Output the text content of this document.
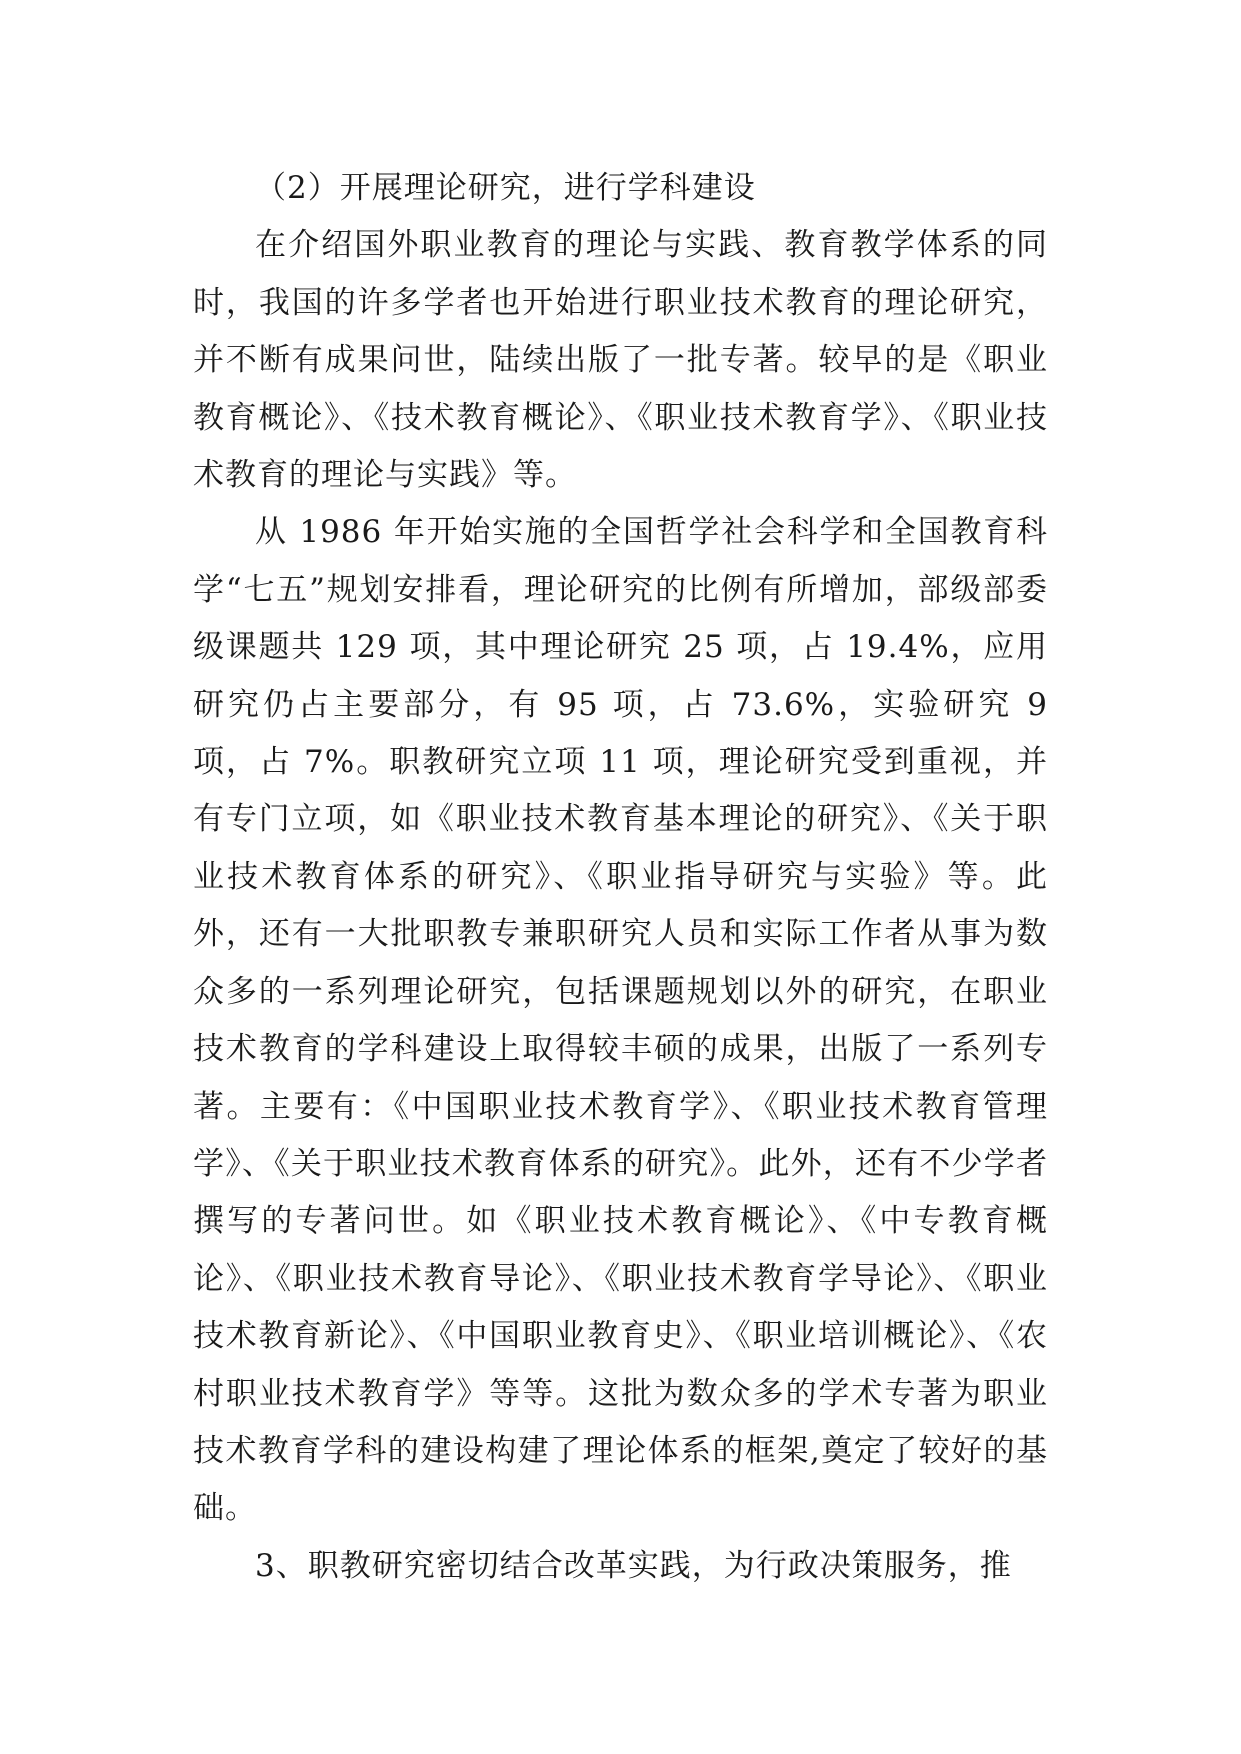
（2）开展理论研究，进行学科建设

在介绍国外职业教育的理论与实践、教育教学体系的同时，我国的许多学者也开始进行职业技术教育的理论研究，并不断有成果问世，陆续出版了一批专著。较早的是《职业教育概论》、《技术教育概论》、《职业技术教育学》、《职业技术教育的理论与实践》等。

从 1986 年开始实施的全国哲学社会科学和全国教育科学“七五”规划安排看，理论研究的比例有所增加，部级部委级课题共 129 项，其中理论研究 25 项，占 19.4%，应用研究仍占主要部分，有 95 项，占 73.6%，实验研究 9 项，占 7%。职教研究立项 11 项，理论研究受到重视，并有专门立项，如《职业技术教育基本理论的研究》、《关于职业技术教育体系的研究》、《职业指导研究与实验》等。此外，还有一大批职教专兼职研究人员和实际工作者从事为数众多的一系列理论研究，包括课题规划以外的研究，在职业技术教育的学科建设上取得较丰硕的成果，出版了一系列专著。主要有：《中国职业技术教育学》、《职业技术教育管理学》、《关于职业技术教育体系的研究》。此外，还有不少学者撰写的专著问世。如《职业技术教育概论》、《中专教育概论》、《职业技术教育导论》、《职业技术教育学导论》、《职业技术教育新论》、《中国职业教育史》、《职业培训概论》、《农村职业技术教育学》等等。这批为数众多的学术专著为职业技术教育学科的建设构建了理论体系的框架,奠定了较好的基础。

3、职教研究密切结合改革实践，为行政决策服务，推
